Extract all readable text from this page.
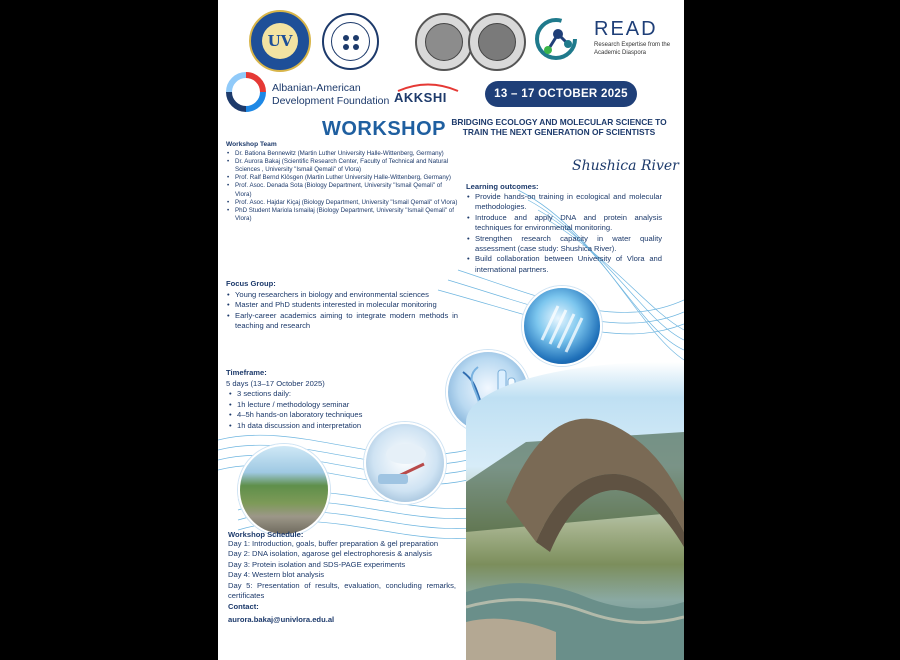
UV
READ
Research Expertise from the Academic Diaspora
Albanian-American
Development Foundation AKKSHI	13 – 17 OCTOBER 2025
WORKSHOP BRIDGING ECOLOGY AND MOLECULAR SCIENCE TO TRAIN THE NEXT GENERATION OF SCIENTISTS
Shushica River
Workshop Team
• Dr. Bationa Bennewitz (Martin Luther University Halle-Wittenberg, Germany)
• Dr. Aurora Bakaj (Scientific Research Center, Faculty of Technical and Natural Sciences , University "Ismail Qemali" of Vlora)
• Prof. Ralf Bernd Klösgen (Martin Luther University Halle-Wittenberg, Germany)
• Prof. Asoc. Denada Sota (Biology Department, University "Ismail Qemali" of Vlora)
• Prof. Asoc. Hajdar Kiçaj (Biology Department, University "Ismail Qemali" of Vlora)
• PhD Student Mariola Ismailaj (Biology Department, University "Ismail Qemali" of Vlora)
Learning outcomes:
• Provide hands-on training in ecological and molecular methodologies.
• Introduce and apply DNA and protein analysis techniques for environmental monitoring.
• Strengthen research capacity in water quality assessment (case study: Shushica River).
• Build collaboration between University of Vlora and international partners.
Focus Group:
• Young researchers in biology and environmental sciences
• Master and PhD students interested in molecular monitoring
• Early-career academics aiming to integrate modern methods in teaching and research
Timeframe:
5 days (13–17 October 2025)
• 3 sections daily:
• 1h lecture / methodology seminar
• 4–5h hands-on laboratory techniques
• 1h data discussion and interpretation
Workshop Schedule:
Day 1: Introduction, goals, buffer preparation & gel preparation
Day 2: DNA isolation, agarose gel electrophoresis & analysis
Day 3: Protein isolation and SDS-PAGE experiments
Day 4: Western blot analysis
Day 5: Presentation of results, evaluation, concluding remarks, certificates
Contact:
aurora.bakaj@univlora.edu.al
